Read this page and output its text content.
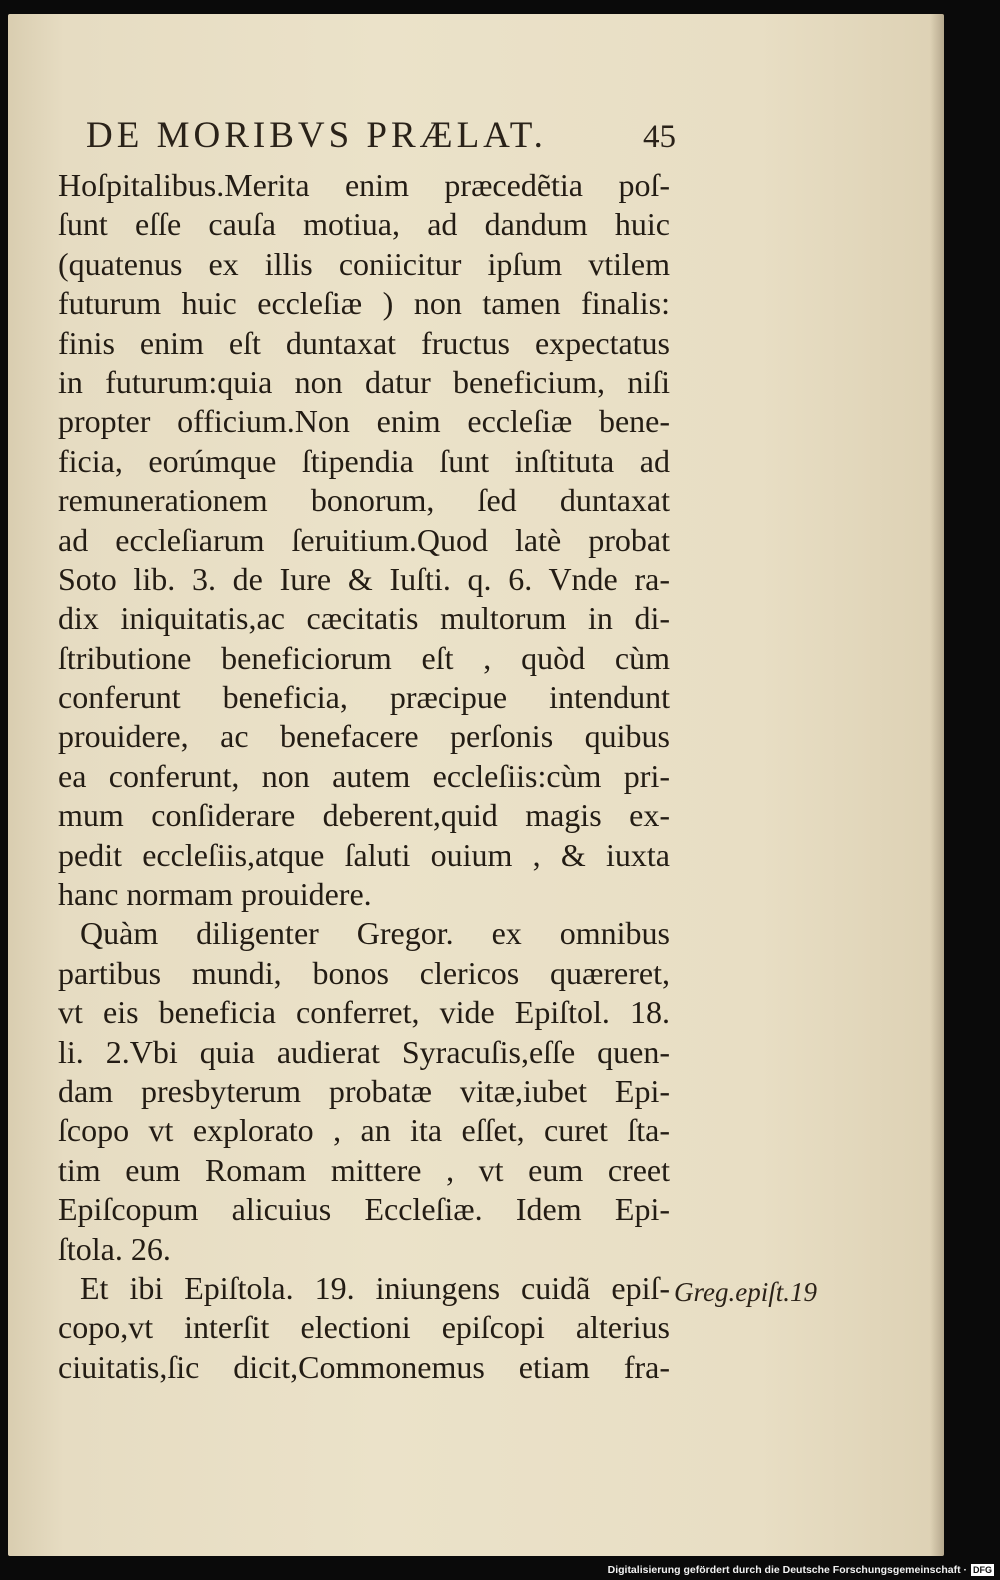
DE MORIBVS PRÆLAT.	45
Hoſpitalibus.Merita enim præcedẽtia poſ-
ſunt eſſe cauſa motiua, ad dandum huic
(quatenus ex illis coniicitur ipſum vtilem
futurum huic eccleſiæ ) non tamen finalis:
finis enim eſt duntaxat fructus expectatus
in futurum:quia non datur beneficium, niſi
propter officium.Non enim eccleſiæ bene-
ficia, eorúmque ſtipendia ſunt inſtituta ad
remunerationem bonorum, ſed duntaxat
ad eccleſiarum ſeruitium.Quod latè probat
Soto lib. 3. de Iure & Iuſti. q. 6. Vnde ra-
dix iniquitatis,ac cæcitatis multorum in di-
ſtributione beneficiorum eſt , quòd cùm
conferunt beneficia, præcipue intendunt
prouidere, ac benefacere perſonis quibus
ea conferunt, non autem eccleſiis:cùm pri-
mum conſiderare deberent,quid magis ex-
pedit eccleſiis,atque ſaluti ouium , & iuxta
hanc normam prouidere.
Quàm diligenter Gregor. ex omnibus
partibus mundi, bonos clericos quæreret,
vt eis beneficia conferret, vide Epiſtol. 18.
li. 2.Vbi quia audierat Syracuſis,eſſe quen-
dam presbyterum probatæ vitæ,iubet Epi-
ſcopo vt explorato , an ita eſſet, curet ſta-
tim eum Romam mittere , vt eum creet
Epiſcopum alicuius Eccleſiæ. Idem Epi-
ſtola. 26.
Et ibi Epiſtola. 19. iniungens cuidã epiſ-
copo,vt interſit electioni epiſcopi alterius
ciuitatis,ſic dicit,Commonemus etiam fra-
Greg.epiſt.19
Digitalisierung gefördert durch die Deutsche Forschungsgemeinschaft · DFG
